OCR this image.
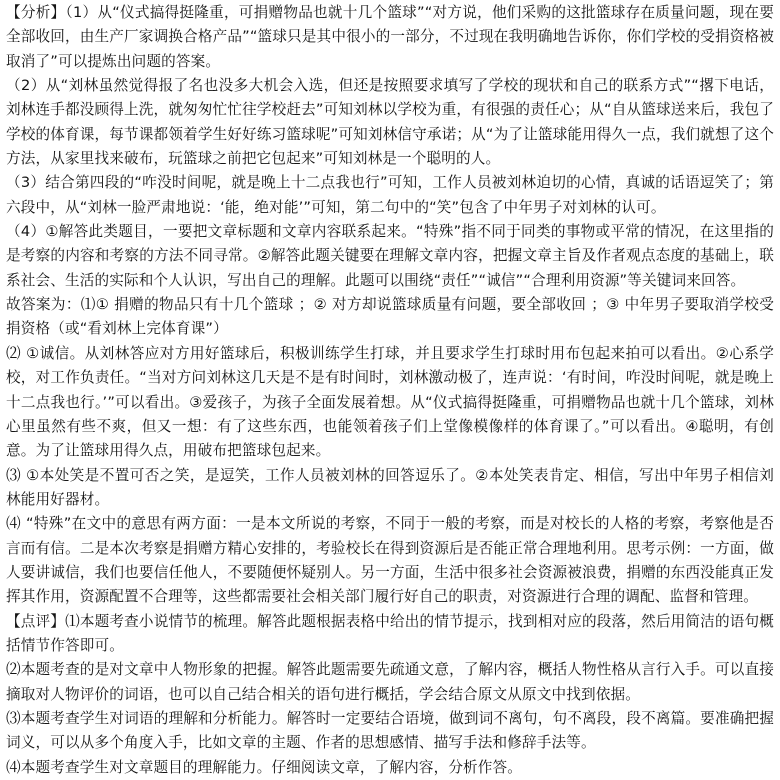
【分析】（1）从“仪式搞得挺隆重，可捐赠物品也就十几个篮球”“对方说，他们采购的这批篮球存在质量问题，现在要全部收回，由生产厂家调换合格产品”“篮球只是其中很小的一部分，不过现在我明确地告诉你，你们学校的受捐资格被取消了”可以提炼出问题的答案。

（2）从“刘林虽然觉得报了名也没多大机会入选，但还是按照要求填写了学校的现状和自己的联系方式”“撂下电话，刘林连手都没顾得上洗，就匆匆忙忙往学校赶去”可知刘林以学校为重，有很强的责任心；从“自从篮球送来后，我包了学校的体育课，每节课都领着学生好好练习篮球呢”可知刘林信守承诺；从“为了让篮球能用得久一点，我们就想了这个方法，从家里找来破布，玩篮球之前把它包起来”可知刘林是一个聪明的人。

（3）结合第四段的“咋没时间呢，就是晚上十二点我也行”可知，工作人员被刘林迫切的心情，真诚的话语逗笑了；第六段中，从“刘林一脸严肃地说：‘能，绝对能’”可知，第二句中的“笑”包含了中年男子对刘林的认可。

（4）①解答此类题目，一要把文章标题和文章内容联系起来。“特殊”指不同于同类的事物或平常的情况，在这里指的是考察的内容和考察的方法不同寻常。②解答此题关键要在理解文章内容，把握文章主旨及作者观点态度的基础上，联系社会、生活的实际和个人认识，写出自己的理解。此题可以围绕“责任”“诚信”“合理利用资源”等关键词来回答。

故答案为：⑴① 捐赠的物品只有十几个篮球 ；② 对方却说篮球质量有问题，要全部收回 ；③ 中年男子要取消学校受捐资格（或“看刘林上完体育课”）

⑵ ①诚信。从刘林答应对方用好篮球后，积极训练学生打球，并且要求学生打球时用布包起来拍可以看出。②心系学校，对工作负责任。“当对方问刘林这几天是不是有时间时，刘林激动极了，连声说：‘有时间，咋没时间呢，就是晚上十二点我也行。’”可以看出。③爱孩子，为孩子全面发展着想。从“仪式搞得挺隆重，可捐赠物品也就十几个篮球，刘林心里虽然有些不爽，但又一想：有了这些东西，也能领着孩子们上堂像模像样的体育课了。”可以看出。④聪明，有创意。为了让篮球用得久点，用破布把篮球包起来。

⑶ ①本处笑是不置可否之笑，是逗笑，工作人员被刘林的回答逗乐了。②本处笑表肯定、相信，写出中年男子相信刘林能用好器材。

⑷ “特殊”在文中的意思有两方面：一是本文所说的考察，不同于一般的考察，而是对校长的人格的考察，考察他是否言而有信。二是本次考察是捐赠方精心安排的，考验校长在得到资源后是否能正常合理地利用。思考示例：一方面，做人要讲诚信，我们也要信任他人，不要随便怀疑别人。另一方面，生活中很多社会资源被浪费，捐赠的东西没能真正发挥其作用，资源配置不合理等，这些都需要社会相关部门履行好自己的职责，对资源进行合理的调配、监督和管理。

【点评】⑴本题考查小说情节的梳理。解答此题根据表格中给出的情节提示，找到相对应的段落，然后用简洁的语句概括情节作答即可。

⑵本题考查的是对文章中人物形象的把握。解答此题需要先疏通文意，了解内容，概括人物性格从言行入手。可以直接摘取对人物评价的词语，也可以自己结合相关的语句进行概括，学会结合原文从原文中找到依据。

⑶本题考查学生对词语的理解和分析能力。解答时一定要结合语境，做到词不离句，句不离段，段不离篇。要准确把握词义，可以从多个角度入手，比如文章的主题、作者的思想感情、描写手法和修辞手法等。

⑷本题考查学生对文章题目的理解能力。仔细阅读文章，了解内容，分析作答。
